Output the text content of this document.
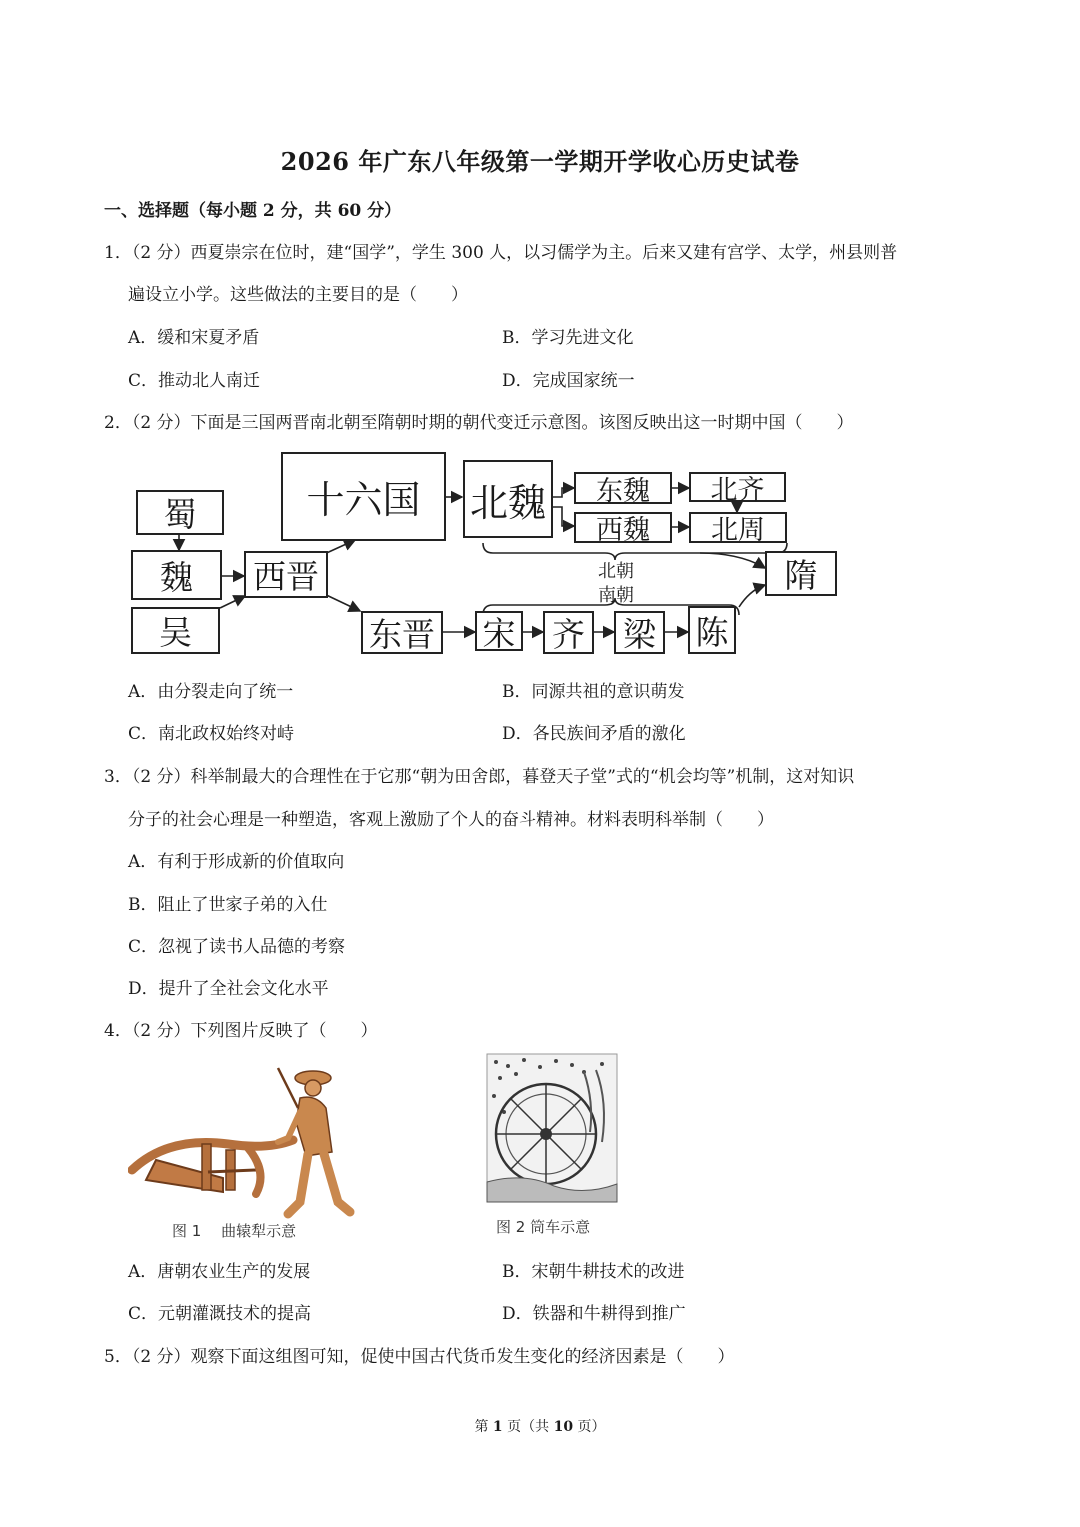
2026 年广东八年级第一学期开学收心历史试卷
一、选择题（每小题 2 分，共 60 分）
1．（2 分）西夏崇宗在位时，建“国学”，学生 300 人，以习儒学为主。后来又建有宫学、太学，州县则普
遍设立小学。这些做法的主要目的是（　　）
A．缓和宋夏矛盾	B．学习先进文化
C．推动北人南迁	D．完成国家统一
2．（2 分）下面是三国两晋南北朝至隋朝时期的朝代变迁示意图。该图反映出这一时期中国（　　）
蜀
魏
吴
西晋
十六国	北魏	东魏	北齐
西魏	北周
东晋 宋 齐 梁 陈
隋
北朝
南朝
A．由分裂走向了统一	B．同源共祖的意识萌发
C．南北政权始终对峙	D．各民族间矛盾的激化
3．（2 分）科举制最大的合理性在于它那“朝为田舍郎，暮登天子堂”式的“机会均等”机制，这对知识
分子的社会心理是一种塑造，客观上激励了个人的奋斗精神。材料表明科举制（　　）
A．有利于形成新的价值取向
B．阻止了世家子弟的入仕
C．忽视了读书人品德的考察
D．提升了全社会文化水平
4．（2 分）下列图片反映了（　　）
图 1　 曲辕犁示意	图 2 筒车示意
A．唐朝农业生产的发展	B．宋朝牛耕技术的改进
C．元朝灌溉技术的提高	D．铁器和牛耕得到推广
5．（2 分）观察下面这组图可知，促使中国古代货币发生变化的经济因素是（　　）
第 1 页（共 10 页）
